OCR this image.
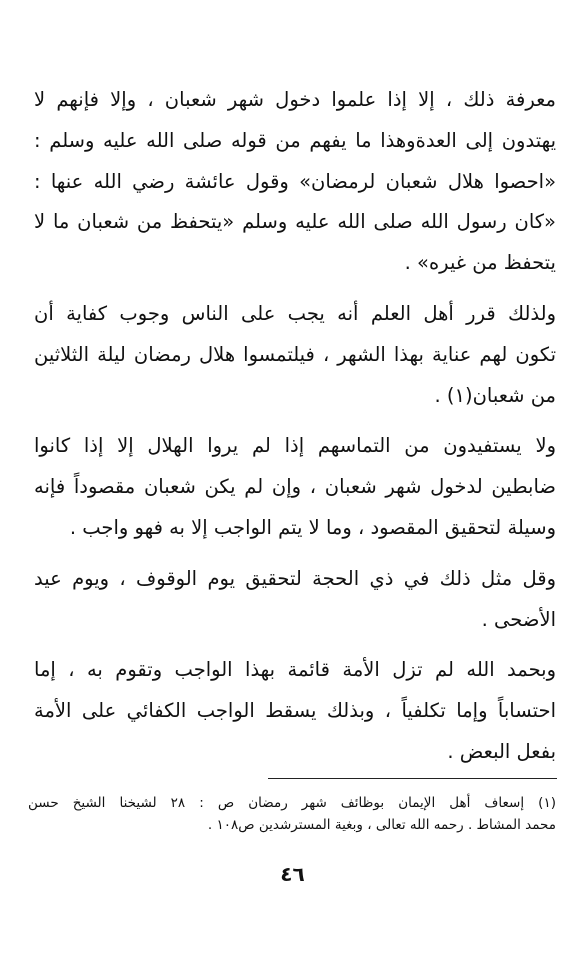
معرفة ذلك ، إلا إذا علموا دخول شهر شعبان ، وإلا فإنهم لا
يهتدون إلى العدةوهذا ما يفهم من قوله صلى الله عليه وسلم :
«احصوا هلال شعبان لرمضان» وقول عائشة رضي الله عنها :
«كان رسول الله صلى الله عليه وسلم «يتحفظ من شعبان ما لا
يتحفظ من غيره» .
ولذلك قرر أهل العلم أنه يجب على الناس وجوب كفاية أن
تكون لهم عناية بهذا الشهر ، فيلتمسوا هلال رمضان ليلة الثلاثين
من شعبان(١) .
ولا يستفيدون من التماسهم إذا لم يروا الهلال إلا إذا كانوا
ضابطين لدخول شهر شعبان ، وإن لم يكن شعبان مقصوداً فإنه
وسيلة لتحقيق المقصود ، وما لا يتم الواجب إلا به فهو واجب .
وقل مثل ذلك في ذي الحجة لتحقيق يوم الوقوف ، ويوم عيد
الأضحى .
وبحمد الله لم تزل الأمة قائمة بهذا الواجب وتقوم به ، إما
احتساباً وإما تكلفياً ، وبذلك يسقط الواجب الكفائي على الأمة
بفعل البعض .
(١) إسعاف أهل الإيمان بوظائف شهر رمضان ص : ٢٨ لشيخنا الشيخ حسن
محمد المشاط . رحمه الله تعالى ، وبغية المسترشدين ص١٠٨ .
٤٦
